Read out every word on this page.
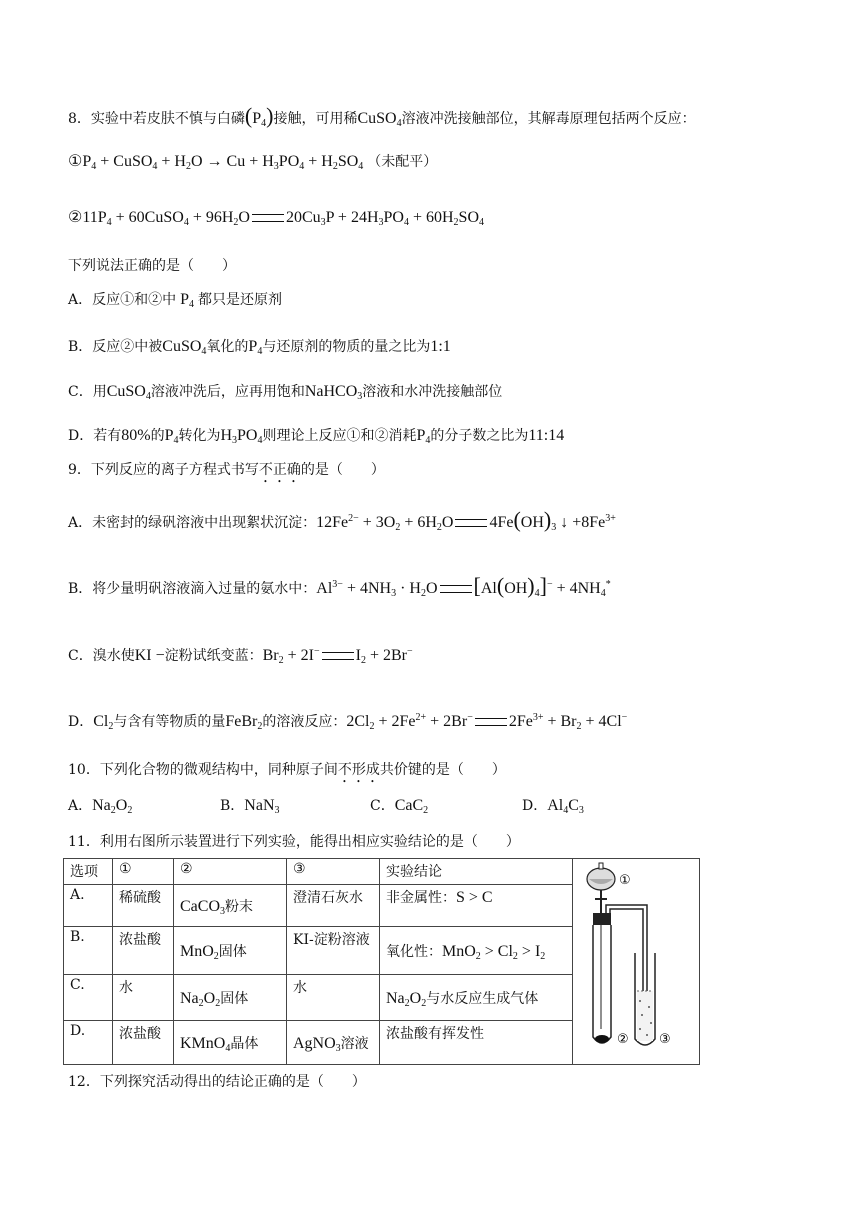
8．实验中若皮肤不慎与白磷$(P_4)$接触，可用稀CuSO$_4$溶液冲洗接触部位，其解毒原理包括两个反应：
$①P_4$ + CuSO$_4$ + $H_2O \to Cu + H_3PO_4 + H_2SO_4$ （未配平）
$②11P_4$ + 60CuSO$_4$ + $96H_2O$ $20Cu_3P + 24H_3PO_4 + 60H_2SO_4$
下列说法正确的是（　　）
A．反应①和②中 $P_4$ 都只是还原剂
B．反应②中被CuSO$_4$氧化的$P_4$与还原剂的物质的量之比为1:1
C．用CuSO$_4$溶液冲洗后，应再用饱和NaHCO$_3$溶液和水冲洗接触部位
D．若有80%的$P_4$转化为$H_3PO_4$则理论上反应①和②消耗$P_4$的分子数之比为11:14
9．下列反应的离子方程式书写不正确的是（　　）
A．未密封的绿矾溶液中出现絮状沉淀：$12Fe^{2-} + 3O_2 + 6H_2O$ $4Fe(OH)_3$ ↓ $+8Fe^{3+}$
B．将少量明矾溶液滴入过量的氨水中：$Al^{3-} + 4NH_3 \cdot H_2O$ $[Al(OH)_4]^- + 4NH_4^*$
C．溴水使KI −淀粉试纸变蓝：$Br_2 + 2I^-$ $I_2 + 2Br^-$
D．$Cl_2$与含有等物质的量FeBr$_2$的溶液反应：$2Cl_2 + 2Fe^{2+} + 2Br^-$ $2Fe^{3+} + Br_2 + 4Cl^-$
10．下列化合物的微观结构中，同种原子间不形成共价键的是（　　）
A．$Na_2O_2$	B．NaN$_3$	C．CaC$_2$	D．$Al_4C_3$
11．利用右图所示装置进行下列实验，能得出相应实验结论的是（　　）
选项	①	②	③	实验结论	①
② ③

A.	稀硫酸	CaCO$_3$粉末	澄清石灰水	非金属性：S > C	
B.	浓盐酸	MnO$_2$固体	KI-淀粉溶液	氧化性：$MnO_2 > Cl_2 > I_2$
C.	水	$Na_2O_2$固体	水	$Na_2O_2$与水反应生成气体	
D.	浓盐酸	KMnO$_4$晶体	AgNO$_3$溶液	浓盐酸有挥发性	
12．下列探究活动得出的结论正确的是（　　）
